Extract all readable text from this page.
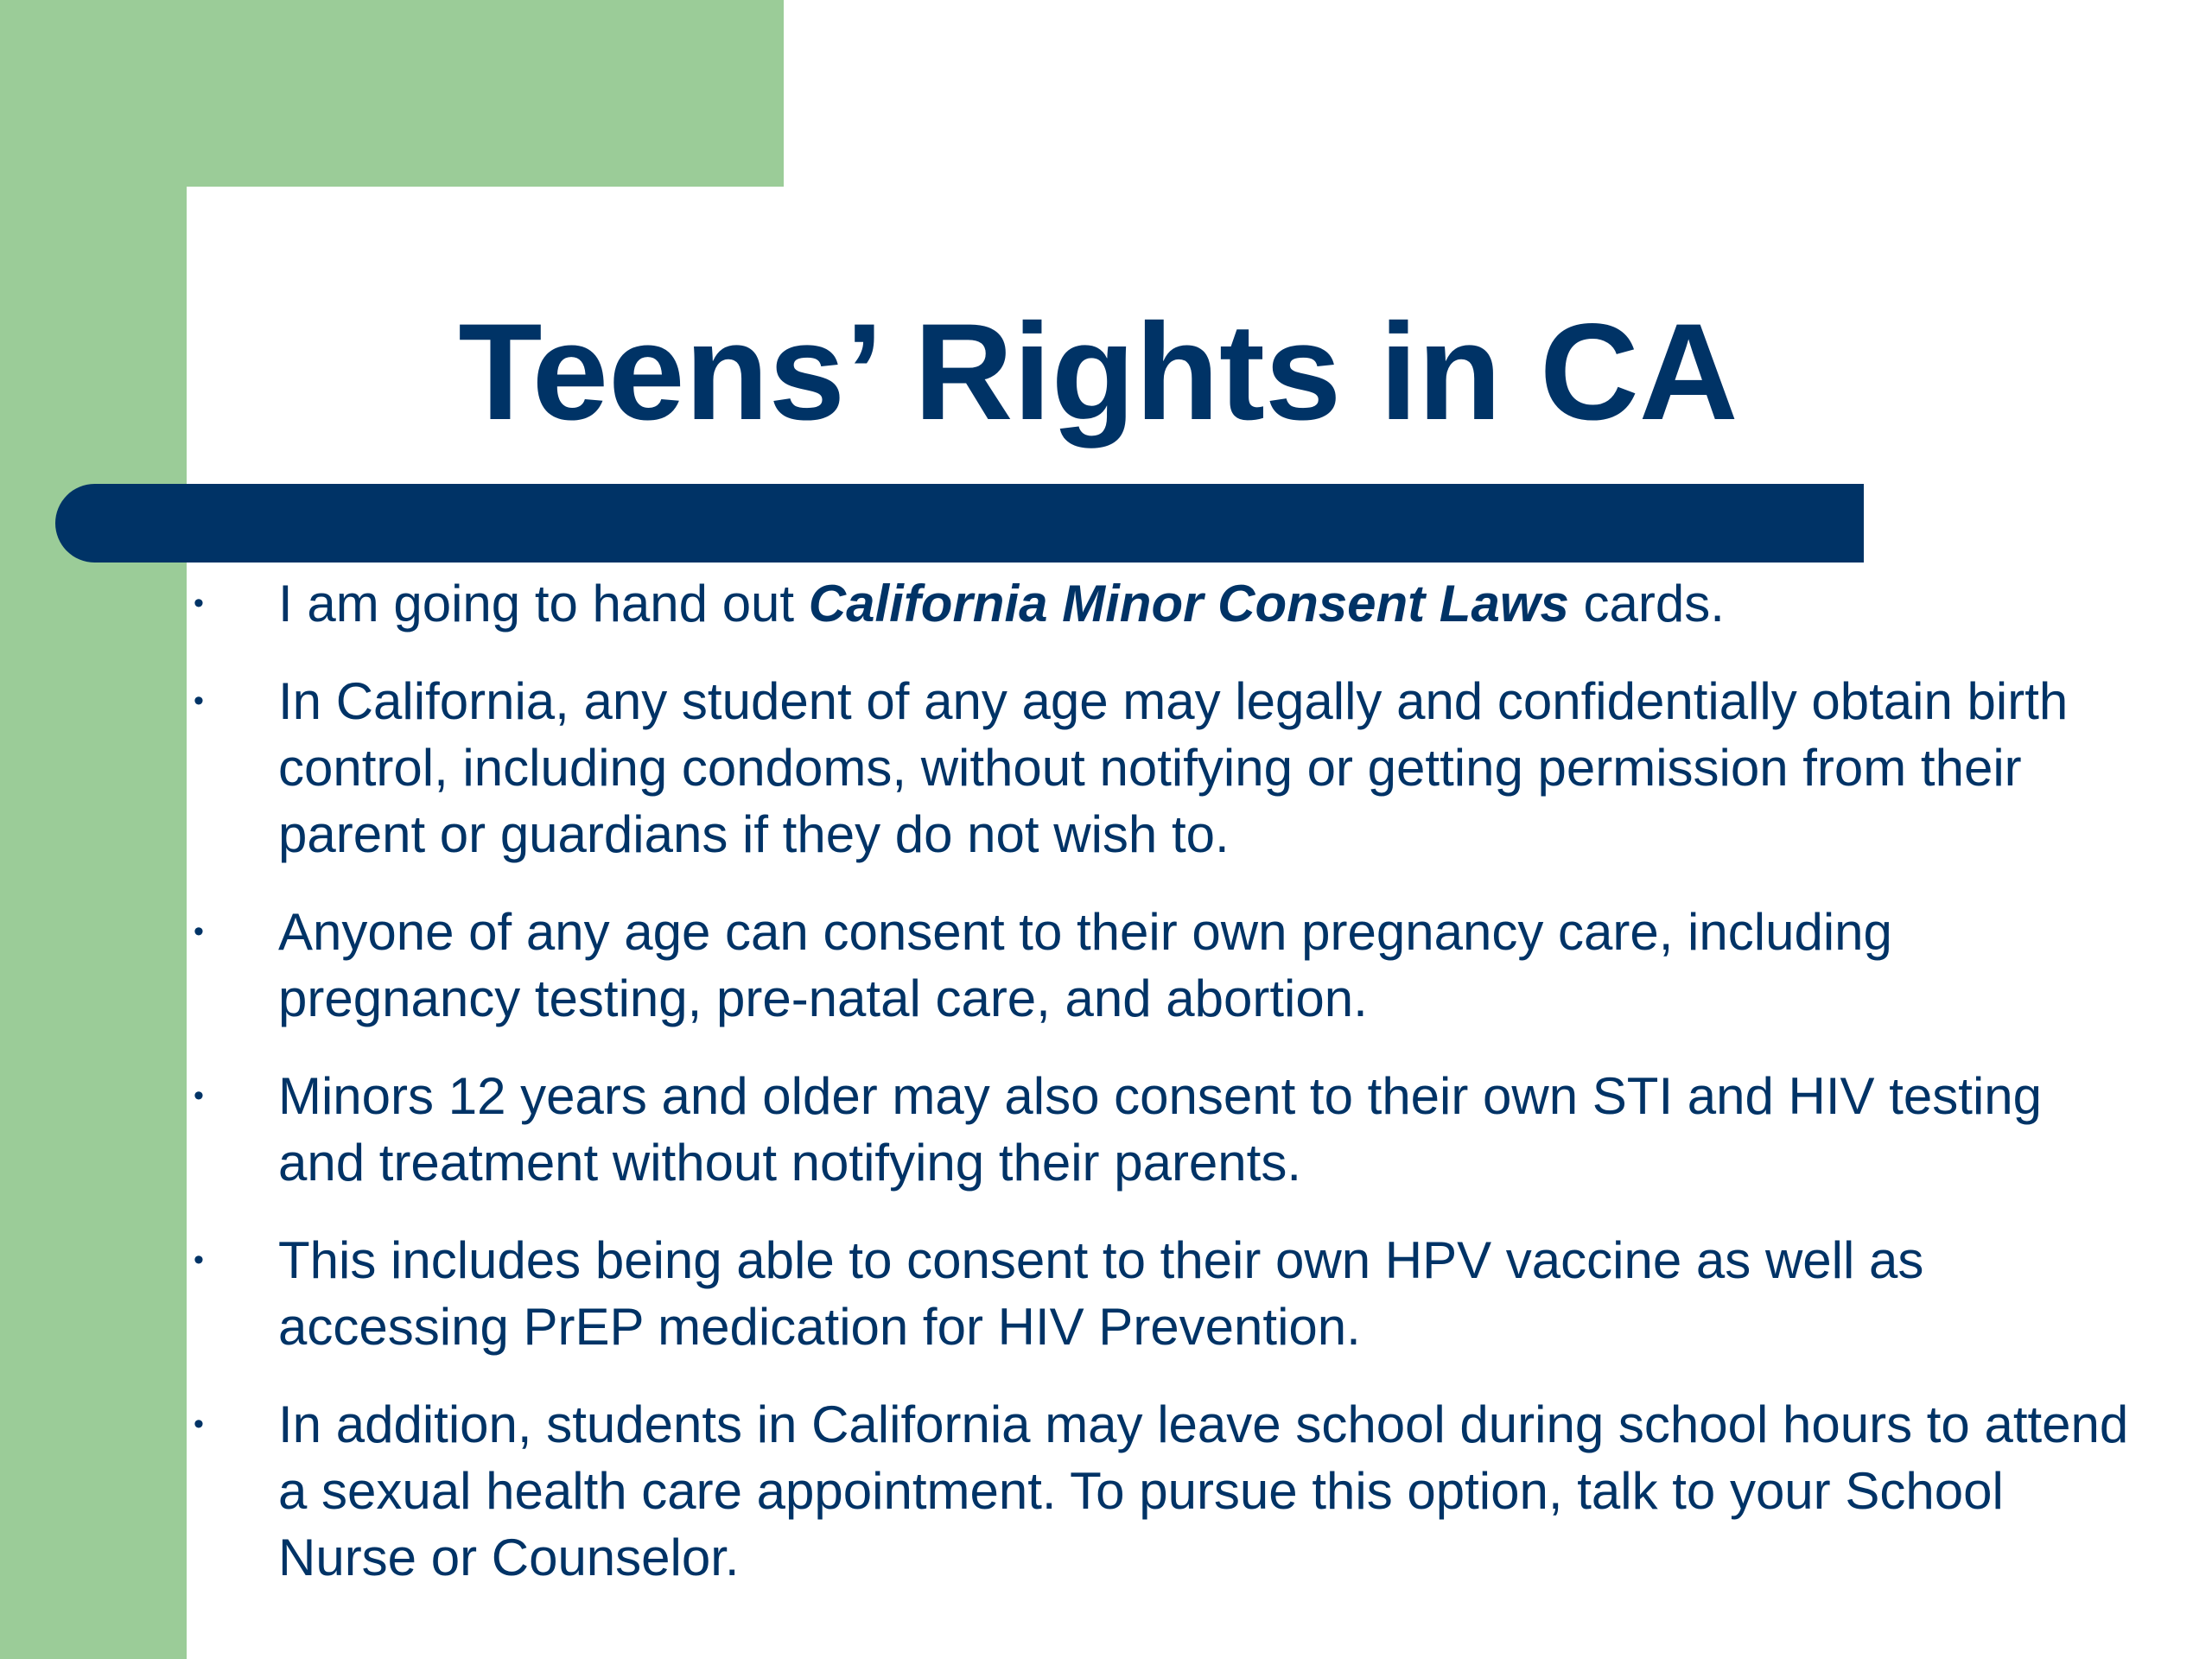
Teens’ Rights in CA
•	I am going to hand out California Minor Consent Laws cards.
•	In California, any student of any age may legally and confidentially obtain birth control, including condoms, without notifying or getting permission from their parent or guardians if they do not wish to.
•	Anyone of any age can consent to their own pregnancy care, including pregnancy testing, pre-natal care, and abortion.
•	Minors 12 years and older may also consent to their own STI and HIV testing and treatment without notifying their parents.
•	This includes being able to consent to their own HPV vaccine as well as accessing PrEP medication for HIV Prevention.
•	In addition, students in California may leave school during school hours to attend a sexual health care appointment. To pursue this option, talk to your School Nurse or Counselor.
